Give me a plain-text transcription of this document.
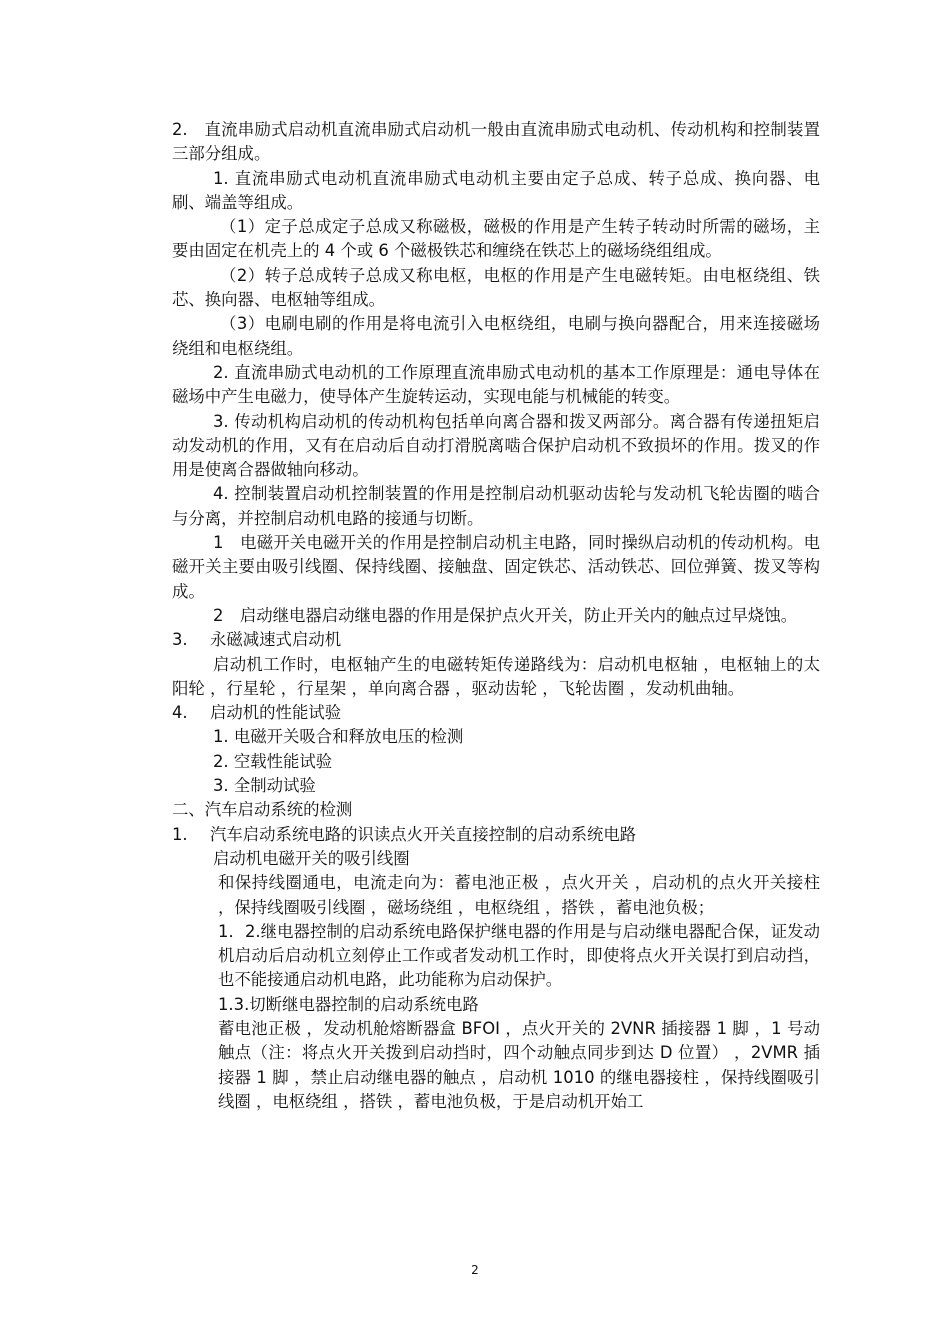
2.　直流串励式启动机直流串励式启动机一般由直流串励式电动机、传动机构和控制装置三部分组成。

1. 直流串励式电动机直流串励式电动机主要由定子总成、转子总成、换向器、电刷、端盖等组成。

（1）定子总成定子总成又称磁极，磁极的作用是产生转子转动时所需的磁场，主要由固定在机壳上的 4 个或 6 个磁极铁芯和缠绕在铁芯上的磁场绕组组成。

（2）转子总成转子总成又称电枢，电枢的作用是产生电磁转矩。由电枢绕组、铁芯、换向器、电枢轴等组成。

（3）电刷电刷的作用是将电流引入电枢绕组，电刷与换向器配合，用来连接磁场绕组和电枢绕组。

2. 直流串励式电动机的工作原理直流串励式电动机的基本工作原理是：通电导体在磁场中产生电磁力，使导体产生旋转运动，实现电能与机械能的转变。

3. 传动机构启动机的传动机构包括单向离合器和拨叉两部分。离合器有传递扭矩启动发动机的作用，又有在启动后自动打滑脱离啮合保护启动机不致损坏的作用。拨叉的作用是使离合器做轴向移动。

4. 控制装置启动机控制装置的作用是控制启动机驱动齿轮与发动机飞轮齿圈的啮合与分离，并控制启动机电路的接通与切断。

1　电磁开关电磁开关的作用是控制启动机主电路，同时操纵启动机的传动机构。电磁开关主要由吸引线圈、保持线圈、接触盘、固定铁芯、活动铁芯、回位弹簧、拨叉等构成。

2　启动继电器启动继电器的作用是保护点火开关，防止开关内的触点过早烧蚀。

3. 永磁减速式启动机

启动机工作时，电枢轴产生的电磁转矩传递路线为：启动机电枢轴 ，电枢轴上的太阳轮 ，行星轮 ，行星架 ，单向离合器 ，驱动齿轮 ，飞轮齿圈 ，发动机曲轴。

4. 启动机的性能试验

1. 电磁开关吸合和释放电压的检测

2. 空载性能试验

3. 全制动试验

二、汽车启动系统的检测

1. 汽车启动系统电路的识读点火开关直接控制的启动系统电路

启动机电磁开关的吸引线圈

和保持线圈通电，电流走向为：蓄电池正极 ，点火开关 ，启动机的点火开关接柱 ，保持线圈吸引线圈 ，磁场绕组 ，电枢绕组 ，搭铁 ，蓄电池负极；

1．2.继电器控制的启动系统电路保护继电器的作用是与启动继电器配合保，证发动机启动后启动机立刻停止工作或者发动机工作时，即使将点火开关误打到启动挡，也不能接通启动机电路，此功能称为启动保护。

1.3.切断继电器控制的启动系统电路

蓄电池正极 ，发动机舱熔断器盒 BFOI ，点火开关的 2VNR 插接器 1 脚 ，1 号动触点（注：将点火开关拨到启动挡时，四个动触点同步到达 D 位置） ，2VMR 插接器 1 脚 ，禁止启动继电器的触点 ，启动机 1010 的继电器接柱 ，保持线圈吸引线圈 ，电枢绕组 ，搭铁 ，蓄电池负极，于是启动机开始工

2
